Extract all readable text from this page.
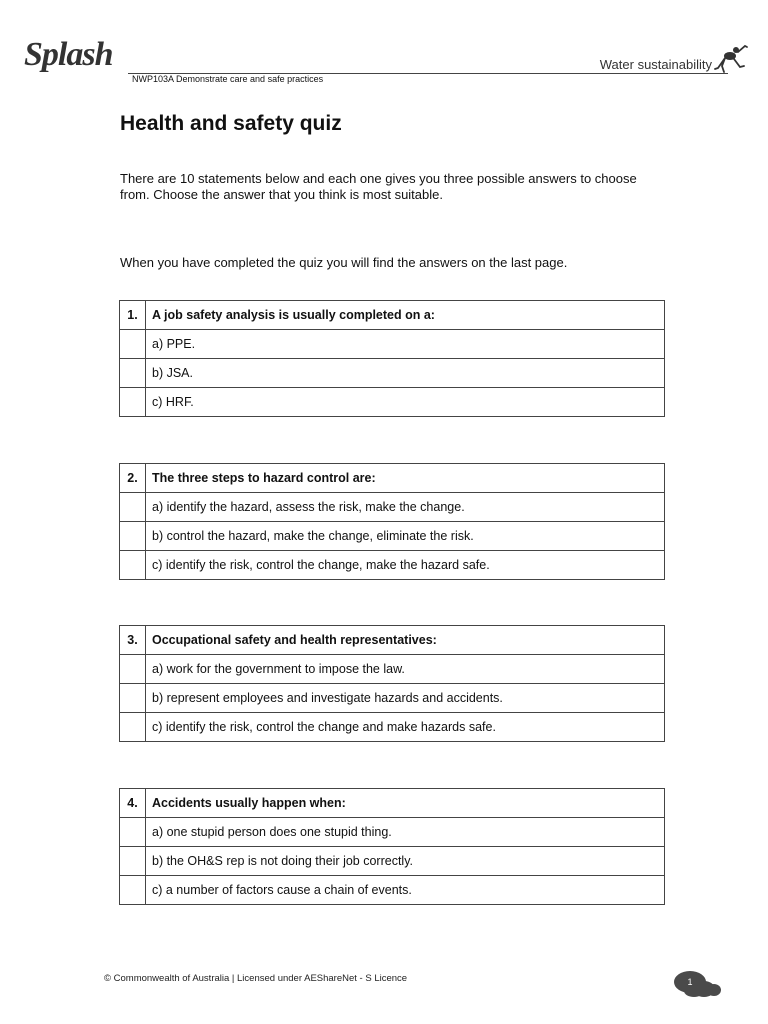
Splash	Water sustainability
NWP103A Demonstrate care and safe practices
Health and safety quiz

There are 10 statements below and each one gives you three possible answers to choose from. Choose the answer that you think is most suitable.

When you have completed the quiz you will find the answers on the last page.

1.	A job safety analysis is usually completed on a:
	a) PPE.
	b) JSA.
	c) HRF.
2.	The three steps to hazard control are:
	a) identify the hazard, assess the risk, make the change.
	b) control the hazard, make the change, eliminate the risk.
	c) identify the risk, control the change, make the hazard safe.
3.	Occupational safety and health representatives:
	a) work for the government to impose the law.
	b) represent employees and investigate hazards and accidents.
	c) identify the risk, control the change and make hazards safe.
4.	Accidents usually happen when:
	a) one stupid person does one stupid thing.
	b) the OH&S rep is not doing their job correctly.
	c) a number of factors cause a chain of events.
© Commonwealth of Australia | Licensed under AEShareNet - S Licence	1
